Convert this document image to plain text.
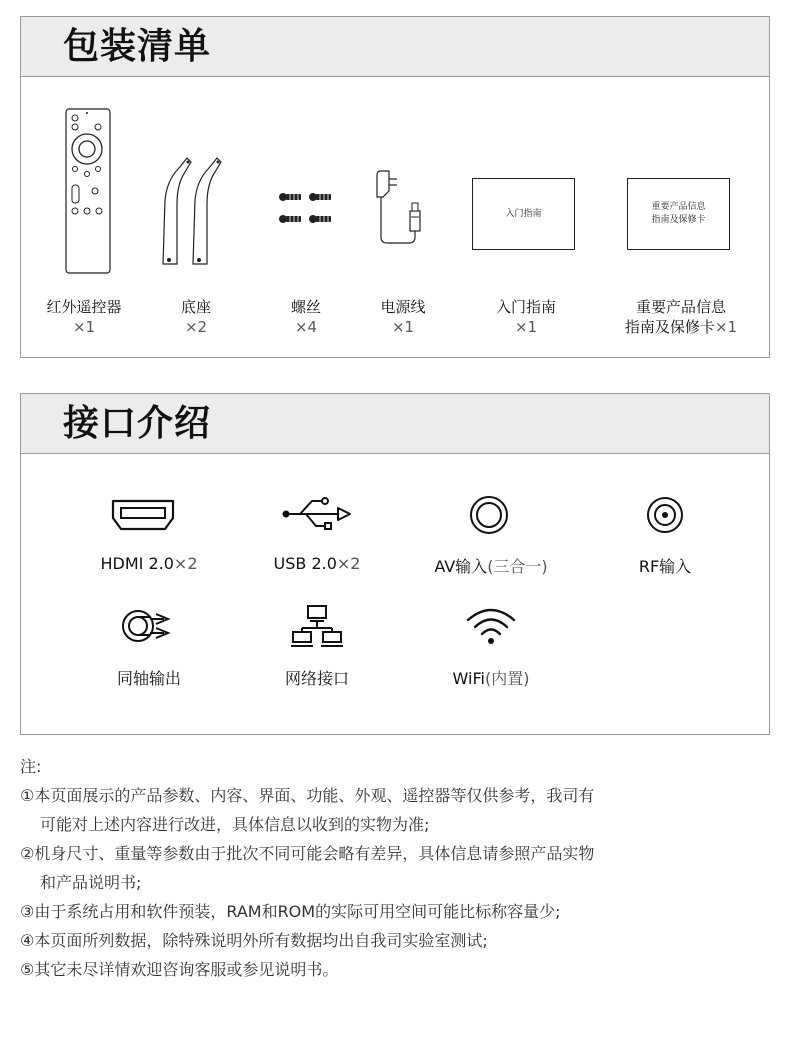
包装清单
入门指南
重要产品信息
指南及保修卡
红外遥控器
×1
底座
×2
螺丝
×4
电源线
×1
入门指南
×1
重要产品信息
指南及保修卡×1
接口介绍
HDMI 2.0×2	USB 2.0×2	AV输入(三合一)	RF输入
同轴输出	网络接口	WiFi(内置)
注:
①本页面展示的产品参数、内容、界面、功能、外观、遥控器等仅供参考，我司有
可能对上述内容进行改进，具体信息以收到的实物为准;
②机身尺寸、重量等参数由于批次不同可能会略有差异，具体信息请参照产品实物
和产品说明书;
③由于系统占用和软件预装，RAM和ROM的实际可用空间可能比标称容量少;
④本页面所列数据，除特殊说明外所有数据均出自我司实验室测试;
⑤其它未尽详情欢迎咨询客服或参见说明书。
